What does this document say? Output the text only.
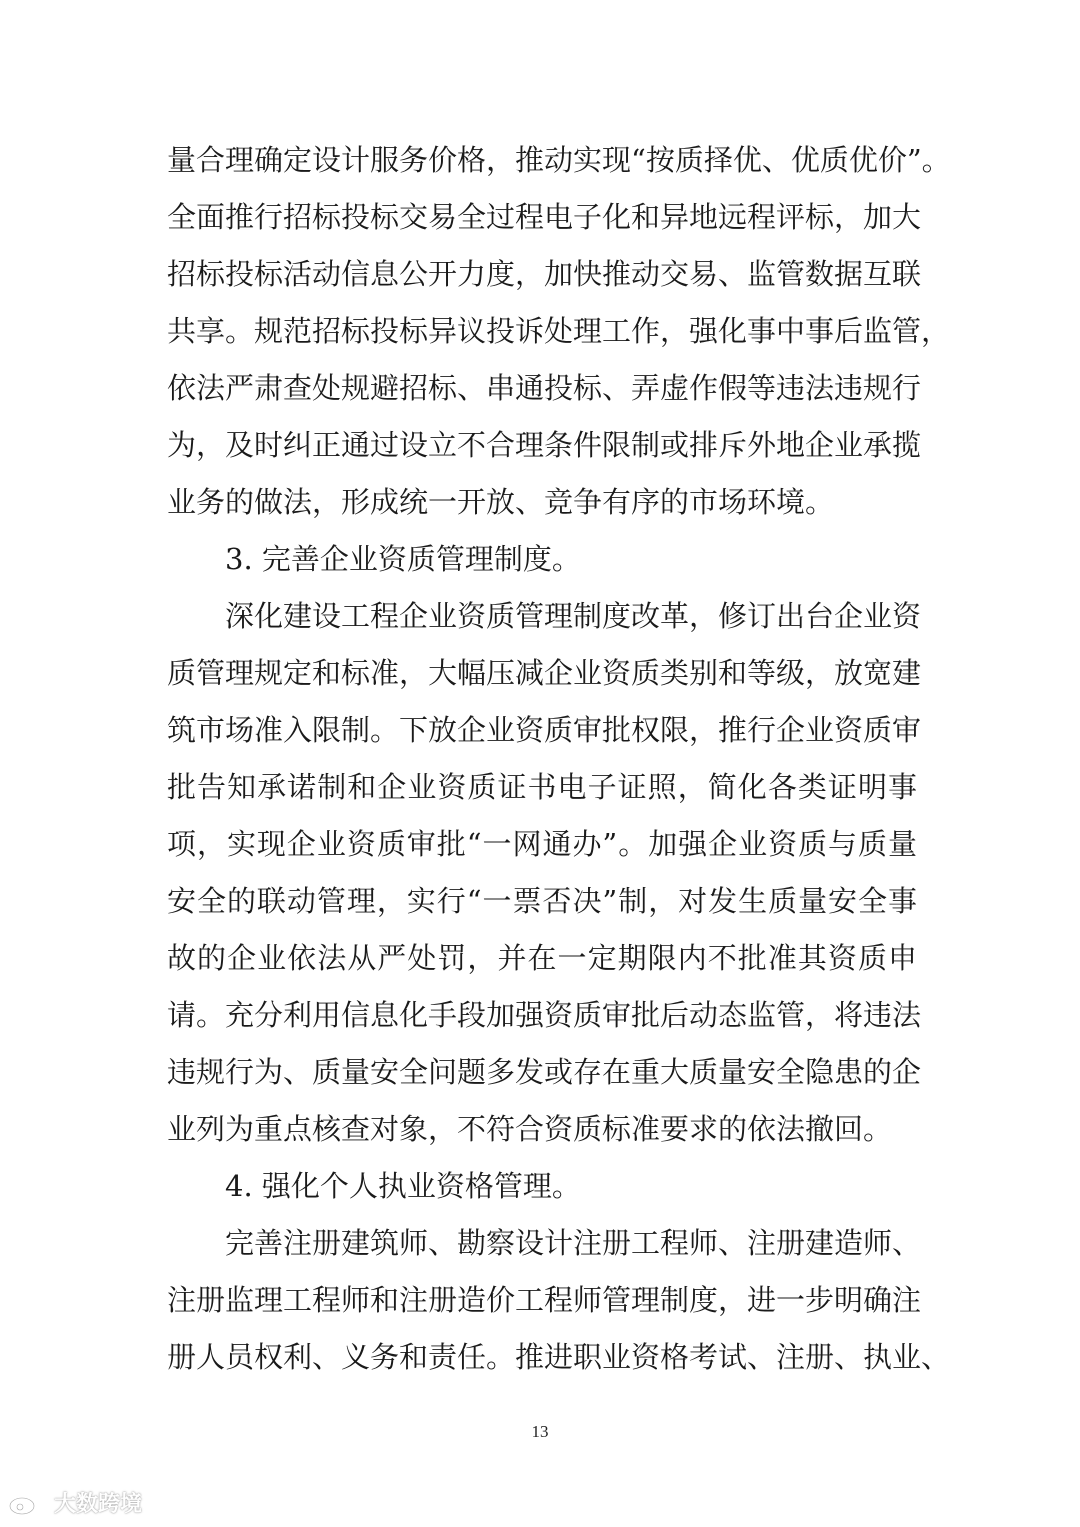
量合理确定设计服务价格，推动实现“按质择优、优质优价”。
全面推行招标投标交易全过程电子化和异地远程评标，加大
招标投标活动信息公开力度，加快推动交易、监管数据互联
共享。规范招标投标异议投诉处理工作，强化事中事后监管，
依法严肃查处规避招标、串通投标、弄虚作假等违法违规行
为，及时纠正通过设立不合理条件限制或排斥外地企业承揽
业务的做法，形成统一开放、竞争有序的市场环境。
3. 完善企业资质管理制度。
深化建设工程企业资质管理制度改革，修订出台企业资
质管理规定和标准，大幅压减企业资质类别和等级，放宽建
筑市场准入限制。下放企业资质审批权限，推行企业资质审
批告知承诺制和企业资质证书电子证照，简化各类证明事
项，实现企业资质审批“一网通办”。加强企业资质与质量
安全的联动管理，实行“一票否决”制，对发生质量安全事
故的企业依法从严处罚，并在一定期限内不批准其资质申
请。充分利用信息化手段加强资质审批后动态监管，将违法
违规行为、质量安全问题多发或存在重大质量安全隐患的企
业列为重点核查对象，不符合资质标准要求的依法撤回。
4. 强化个人执业资格管理。
完善注册建筑师、勘察设计注册工程师、注册建造师、
注册监理工程师和注册造价工程师管理制度，进一步明确注
册人员权利、义务和责任。推进职业资格考试、注册、执业、
13
大数跨境
